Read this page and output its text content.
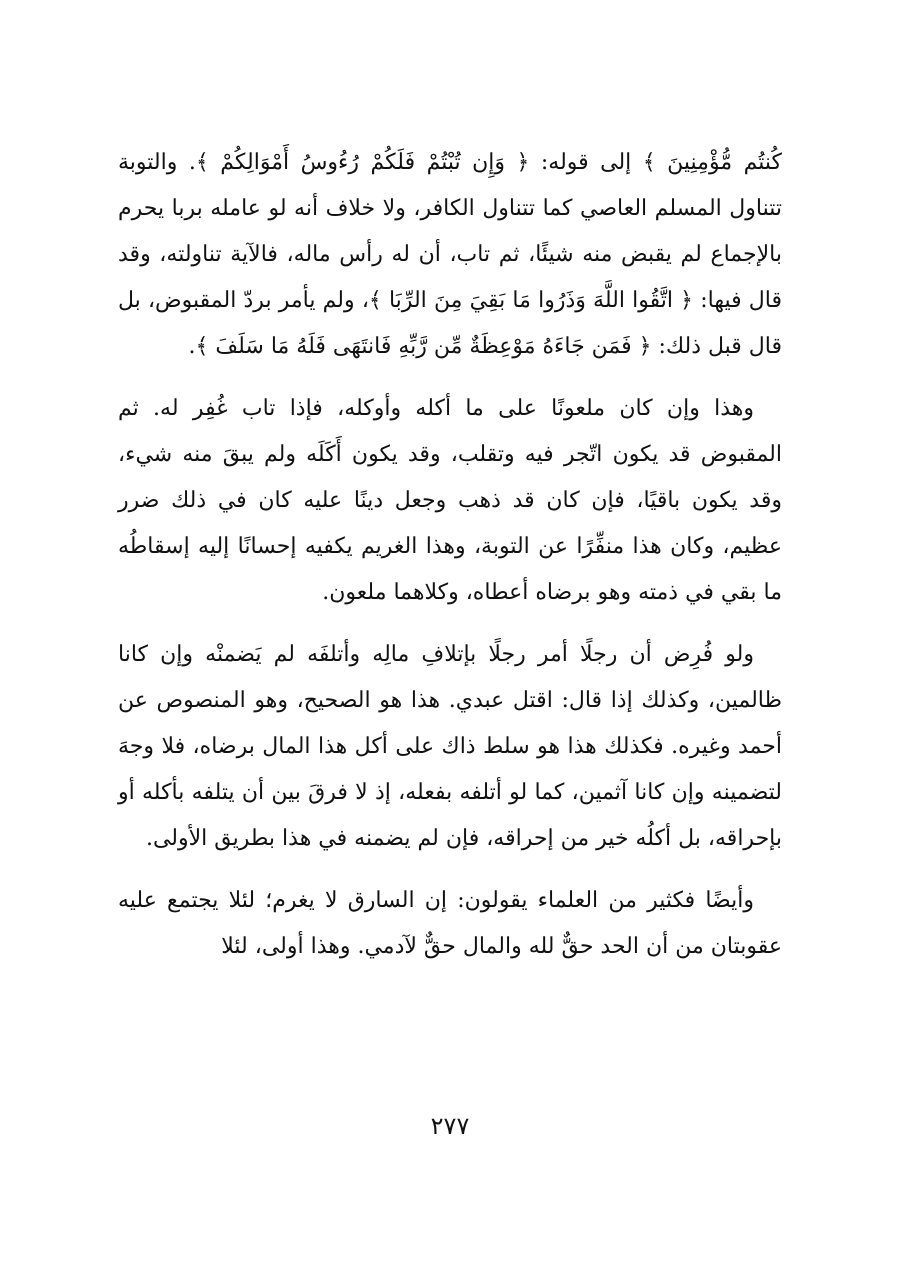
كُنتُم مُّؤْمِنِينَ ﴾ إلى قوله: ﴿ وَإِن تُبْتُمْ فَلَكُمْ رُءُوسُ أَمْوَالِكُمْ ﴾. والتوبة تتناول المسلم العاصي كما تتناول الكافر، ولا خلاف أنه لو عامله بربا يحرم بالإجماع لم يقبض منه شيئًا، ثم تاب، أن له رأس ماله، فالآية تناولته، وقد قال فيها: ﴿ اتَّقُوا اللَّهَ وَذَرُوا مَا بَقِيَ مِنَ الرِّبَا ﴾، ولم يأمر بردّ المقبوض، بل قال قبل ذلك: ﴿ فَمَن جَاءَهُ مَوْعِظَةٌ مِّن رَّبِّهِ فَانتَهَى فَلَهُ مَا سَلَفَ ﴾.

وهذا وإن كان ملعونًا على ما أكله وأوكله، فإذا تاب غُفِر له. ثم المقبوض قد يكون اتّجر فيه وتقلب، وقد يكون أَكَلَه ولم يبقَ منه شيء، وقد يكون باقيًا، فإن كان قد ذهب وجعل دينًا عليه كان في ذلك ضرر عظيم، وكان هذا منفِّرًا عن التوبة، وهذا الغريم يكفيه إحسانًا إليه إسقاطُه ما بقي في ذمته وهو برضاه أعطاه، وكلاهما ملعون.

ولو فُرِض أن رجلًا أمر رجلًا بإتلافِ مالِه وأتلفَه لم يَضمنْه وإن كانا ظالمين، وكذلك إذا قال: اقتل عبدي. هذا هو الصحيح، وهو المنصوص عن أحمد وغيره. فكذلك هذا هو سلط ذاك على أكل هذا المال برضاه، فلا وجهَ لتضمينه وإن كانا آثمين، كما لو أتلفه بفعله، إذ لا فرقَ بين أن يتلفه بأكله أو بإحراقه، بل أكلُه خير من إحراقه، فإن لم يضمنه في هذا بطريق الأولى.

وأيضًا فكثير من العلماء يقولون: إن السارق لا يغرم؛ لئلا يجتمع عليه عقوبتان من أن الحد حقٌّ لله والمال حقٌّ لآدمي. وهذا أولى، لئلا

٢٧٧
